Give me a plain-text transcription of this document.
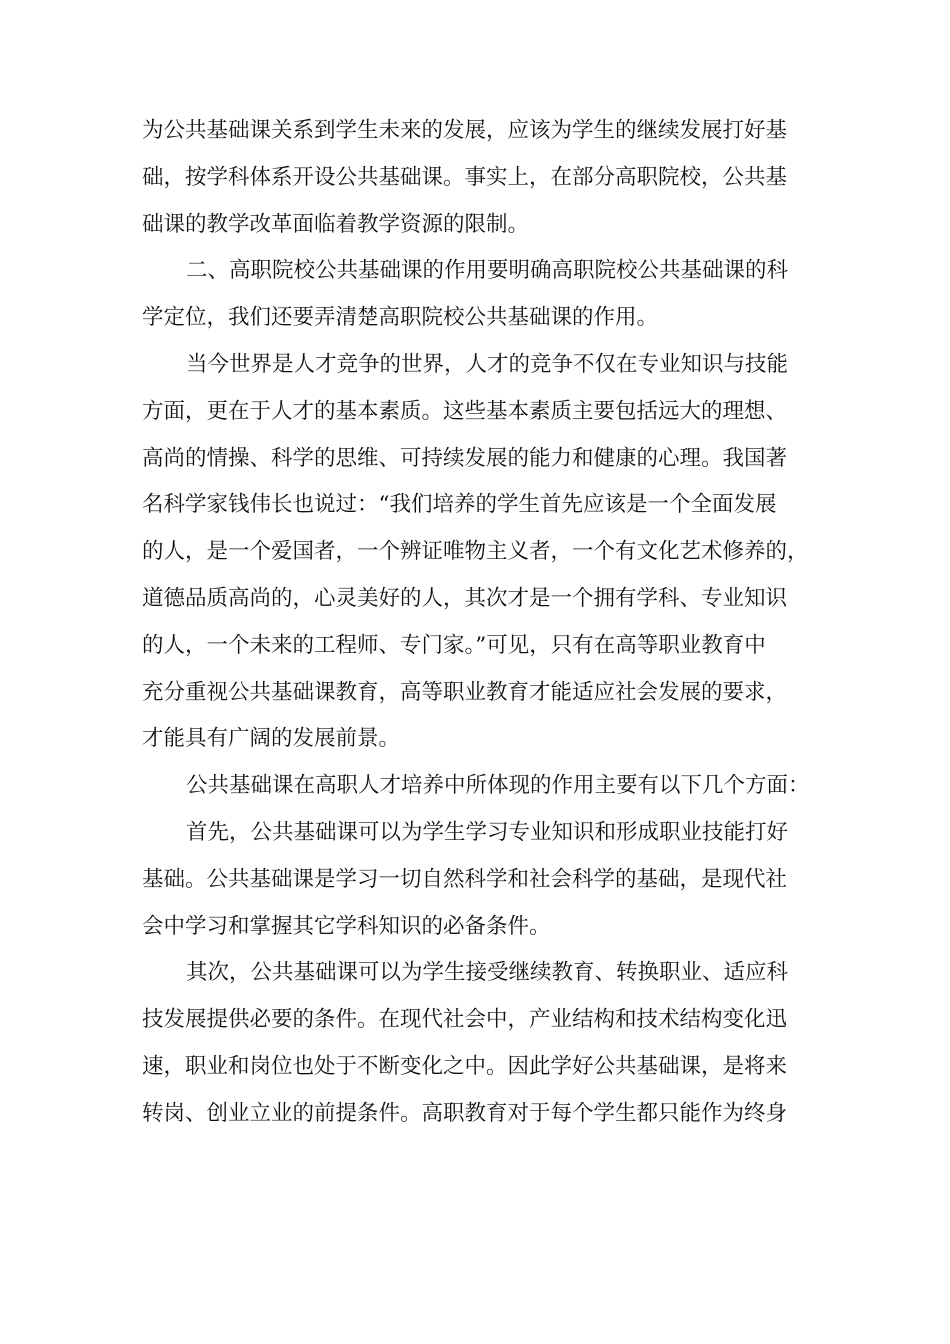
为公共基础课关系到学生未来的发展，应该为学生的继续发展打好基
础，按学科体系开设公共基础课。事实上，在部分高职院校，公共基
础课的教学改革面临着教学资源的限制。
二、高职院校公共基础课的作用要明确高职院校公共基础课的科
学定位，我们还要弄清楚高职院校公共基础课的作用。
当今世界是人才竞争的世界，人才的竞争不仅在专业知识与技能
方面，更在于人才的基本素质。这些基本素质主要包括远大的理想、
高尚的情操、科学的思维、可持续发展的能力和健康的心理。我国著
名科学家钱伟长也说过：“我们培养的学生首先应该是一个全面发展
的人，是一个爱国者，一个辨证唯物主义者，一个有文化艺术修养的，
道德品质高尚的，心灵美好的人，其次才是一个拥有学科、专业知识
的人，一个未来的工程师、专门家。”可见，只有在高等职业教育中
充分重视公共基础课教育，高等职业教育才能适应社会发展的要求，
才能具有广阔的发展前景。
公共基础课在高职人才培养中所体现的作用主要有以下几个方面：
首先，公共基础课可以为学生学习专业知识和形成职业技能打好
基础。公共基础课是学习一切自然科学和社会科学的基础，是现代社
会中学习和掌握其它学科知识的必备条件。
其次，公共基础课可以为学生接受继续教育、转换职业、适应科
技发展提供必要的条件。在现代社会中，产业结构和技术结构变化迅
速，职业和岗位也处于不断变化之中。因此学好公共基础课，是将来
转岗、创业立业的前提条件。高职教育对于每个学生都只能作为终身
